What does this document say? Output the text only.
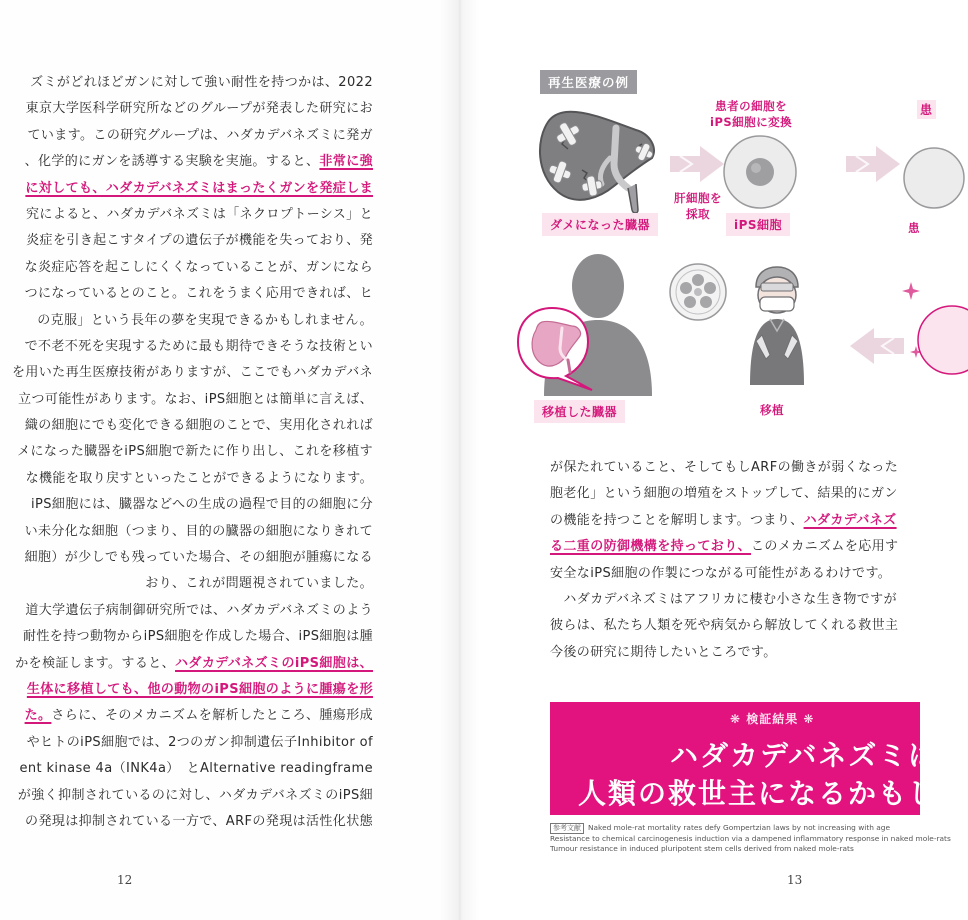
ズミがどれほどガンに対して強い耐性を持つかは、2022
東京大学医科学研究所などのグループが発表した研究にお
ています。この研究グループは、ハダカデバネズミに発ガ
、化学的にガンを誘導する実験を実施。すると、非常に強
に対しても、ハダカデバネズミはまったくガンを発症しま
究によると、ハダカデバネズミは「ネクロプトーシス」と
炎症を引き起こすタイプの遺伝子が機能を失っており、発
な炎症応答を起こしにくくなっていることが、ガンになら
つになっているとのこと。これをうまく応用できれば、ヒ
の克服」という長年の夢を実現できるかもしれません。
で不老不死を実現するために最も期待できそうな技術とい
を用いた再生医療技術がありますが、ここでもハダカデバネ
立つ可能性があります。なお、iPS細胞とは簡単に言えば、
織の細胞にでも変化できる細胞のことで、実用化されれば
メになった臓器をiPS細胞で新たに作り出し、これを移植す
な機能を取り戻すといったことができるようになります。
iPS細胞には、臓器などへの生成の過程で目的の細胞に分
い未分化な細胞（つまり、目的の臓器の細胞になりきれて
細胞）が少しでも残っていた場合、その細胞が腫瘍になる
おり、これが問題視されていました。
道大学遺伝子病制御研究所では、ハダカデバネズミのよう
耐性を持つ動物からiPS細胞を作成した場合、iPS細胞は腫
かを検証します。すると、ハダカデバネズミのiPS細胞は、
生体に移植しても、他の動物のiPS細胞のように腫瘍を形
た。さらに、そのメカニズムを解析したところ、腫瘍形成
やヒトのiPS細胞では、2つのガン抑制遺伝子Inhibitor of
ent kinase 4a（INK4a）　とAlternative readingframe
が強く抑制されているのに対し、ハダカデバネズミのiPS細
の発現は抑制されている一方で、ARFの発現は活性化状態
12
再生医療の例
ダメになった臓器
肝細胞を
採取
患者の細胞を
iPS細胞に変換
iPS細胞
患
患
移植した臓器	移植
が保たれていること、そしてもしARFの働きが弱くなった
胞老化」という細胞の増殖をストップして、結果的にガン
の機能を持つことを解明します。つまり、ハダカデバネズ
る二重の防御機構を持っており、このメカニズムを応用す
安全なiPS細胞の作製につながる可能性があるわけです。
　ハダカデバネズミはアフリカに棲む小さな生き物ですが
彼らは、私たち人類を死や病気から解放してくれる救世主
今後の研究に期待したいところです。
❋ 検証結果 ❋
ハダカデバネズミは
人類の救世主になるかもしれ
参考文献 Naked mole-rat mortality rates defy Gompertzian laws by not increasing with age
Resistance to chemical carcinogenesis induction via a dampened inflammatory response in naked mole-rats
Tumour resistance in induced pluripotent stem cells derived from naked mole-rats
13
